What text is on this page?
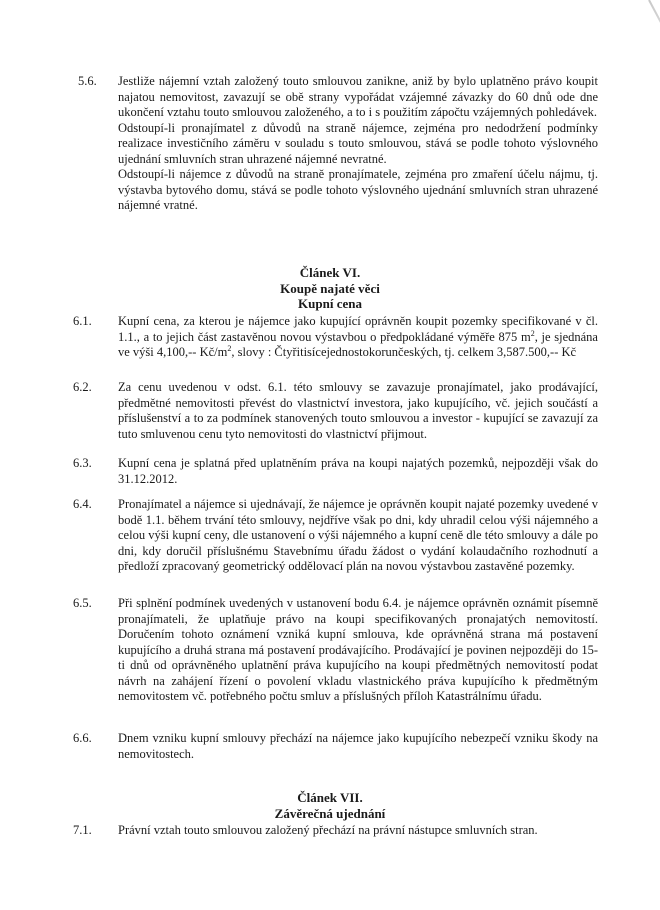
5.6. Jestliže nájemní vztah založený touto smlouvou zanikne, aniž by bylo uplatněno právo koupit najatou nemovitost, zavazují se obě strany vypořádat vzájemné závazky do 60 dnů ode dne ukončení vztahu touto smlouvou založeného, a to i s použitím zápočtu vzájemných pohledávek.

Odstoupí-li pronajímatel z důvodů na straně nájemce, zejména pro nedodržení podmínky realizace investičního záměru v souladu s touto smlouvou, stává se podle tohoto výslovného ujednání smluvních stran uhrazené nájemné nevratné.

Odstoupí-li nájemce z důvodů na straně pronajímatele, zejména pro zmaření účelu nájmu, tj. výstavba bytového domu, stává se podle tohoto výslovného ujednání smluvních stran uhrazené nájemné vratné.

Článek VI.
Koupě najaté věci
Kupní cena
6.1. Kupní cena, za kterou je nájemce jako kupující oprávněn koupit pozemky specifikované v čl. 1.1., a to jejich část zastavěnou novou výstavbou o předpokládané výměře 875 $m^2$, je sjednána ve výši 4,100,-- $Kč/m^2$, slovy : Čtyřitisícejednostokorunčeských, tj. celkem 3,587.500,-- Kč

6.2. Za cenu uvedenou v odst. 6.1. této smlouvy se zavazuje pronajímatel, jako prodávající, předmětné nemovitosti převést do vlastnictví investora, jako kupujícího, vč. jejich součástí a příslušenství a to za podmínek stanovených touto smlouvou a investor - kupující se zavazují za tuto smluvenou cenu tyto nemovitosti do vlastnictví přijmout.

6.3. Kupní cena je splatná před uplatněním práva na koupi najatých pozemků, nejpozději však do 31.12.2012.

6.4. Pronajímatel a nájemce si ujednávají, že nájemce je oprávněn koupit najaté pozemky uvedené v bodě 1.1. během trvání této smlouvy, nejdříve však po dni, kdy uhradil celou výši nájemného a celou výši kupní ceny, dle ustanovení o výši nájemného a kupní ceně dle této smlouvy a dále po dni, kdy doručil příslušnému Stavebnímu úřadu žádost o vydání kolaudačního rozhodnutí a předloží zpracovaný geometrický oddělovací plán na novou výstavbou zastavěné pozemky.

6.5. Při splnění podmínek uvedených v ustanovení bodu 6.4. je nájemce oprávněn oznámit písemně pronajímateli, že uplatňuje právo na koupi specifikovaných pronajatých nemovitostí. Doručením tohoto oznámení vzniká kupní smlouva, kde oprávněná strana má postavení kupujícího a druhá strana má postavení prodávajícího. Prodávající je povinen nejpozději do 15-ti dnů od oprávněného uplatnění práva kupujícího na koupi předmětných nemovitostí podat návrh na zahájení řízení o povolení vkladu vlastnického práva kupujícího k předmětným nemovitostem vč. potřebného počtu smluv a příslušných příloh Katastrálnímu úřadu.

6.6. Dnem vzniku kupní smlouvy přechází na nájemce jako kupujícího nebezpečí vzniku škody na nemovitostech.

Článek VII.
Závěrečná ujednání
7.1. Právní vztah touto smlouvou založený přechází na právní nástupce smluvních stran.
